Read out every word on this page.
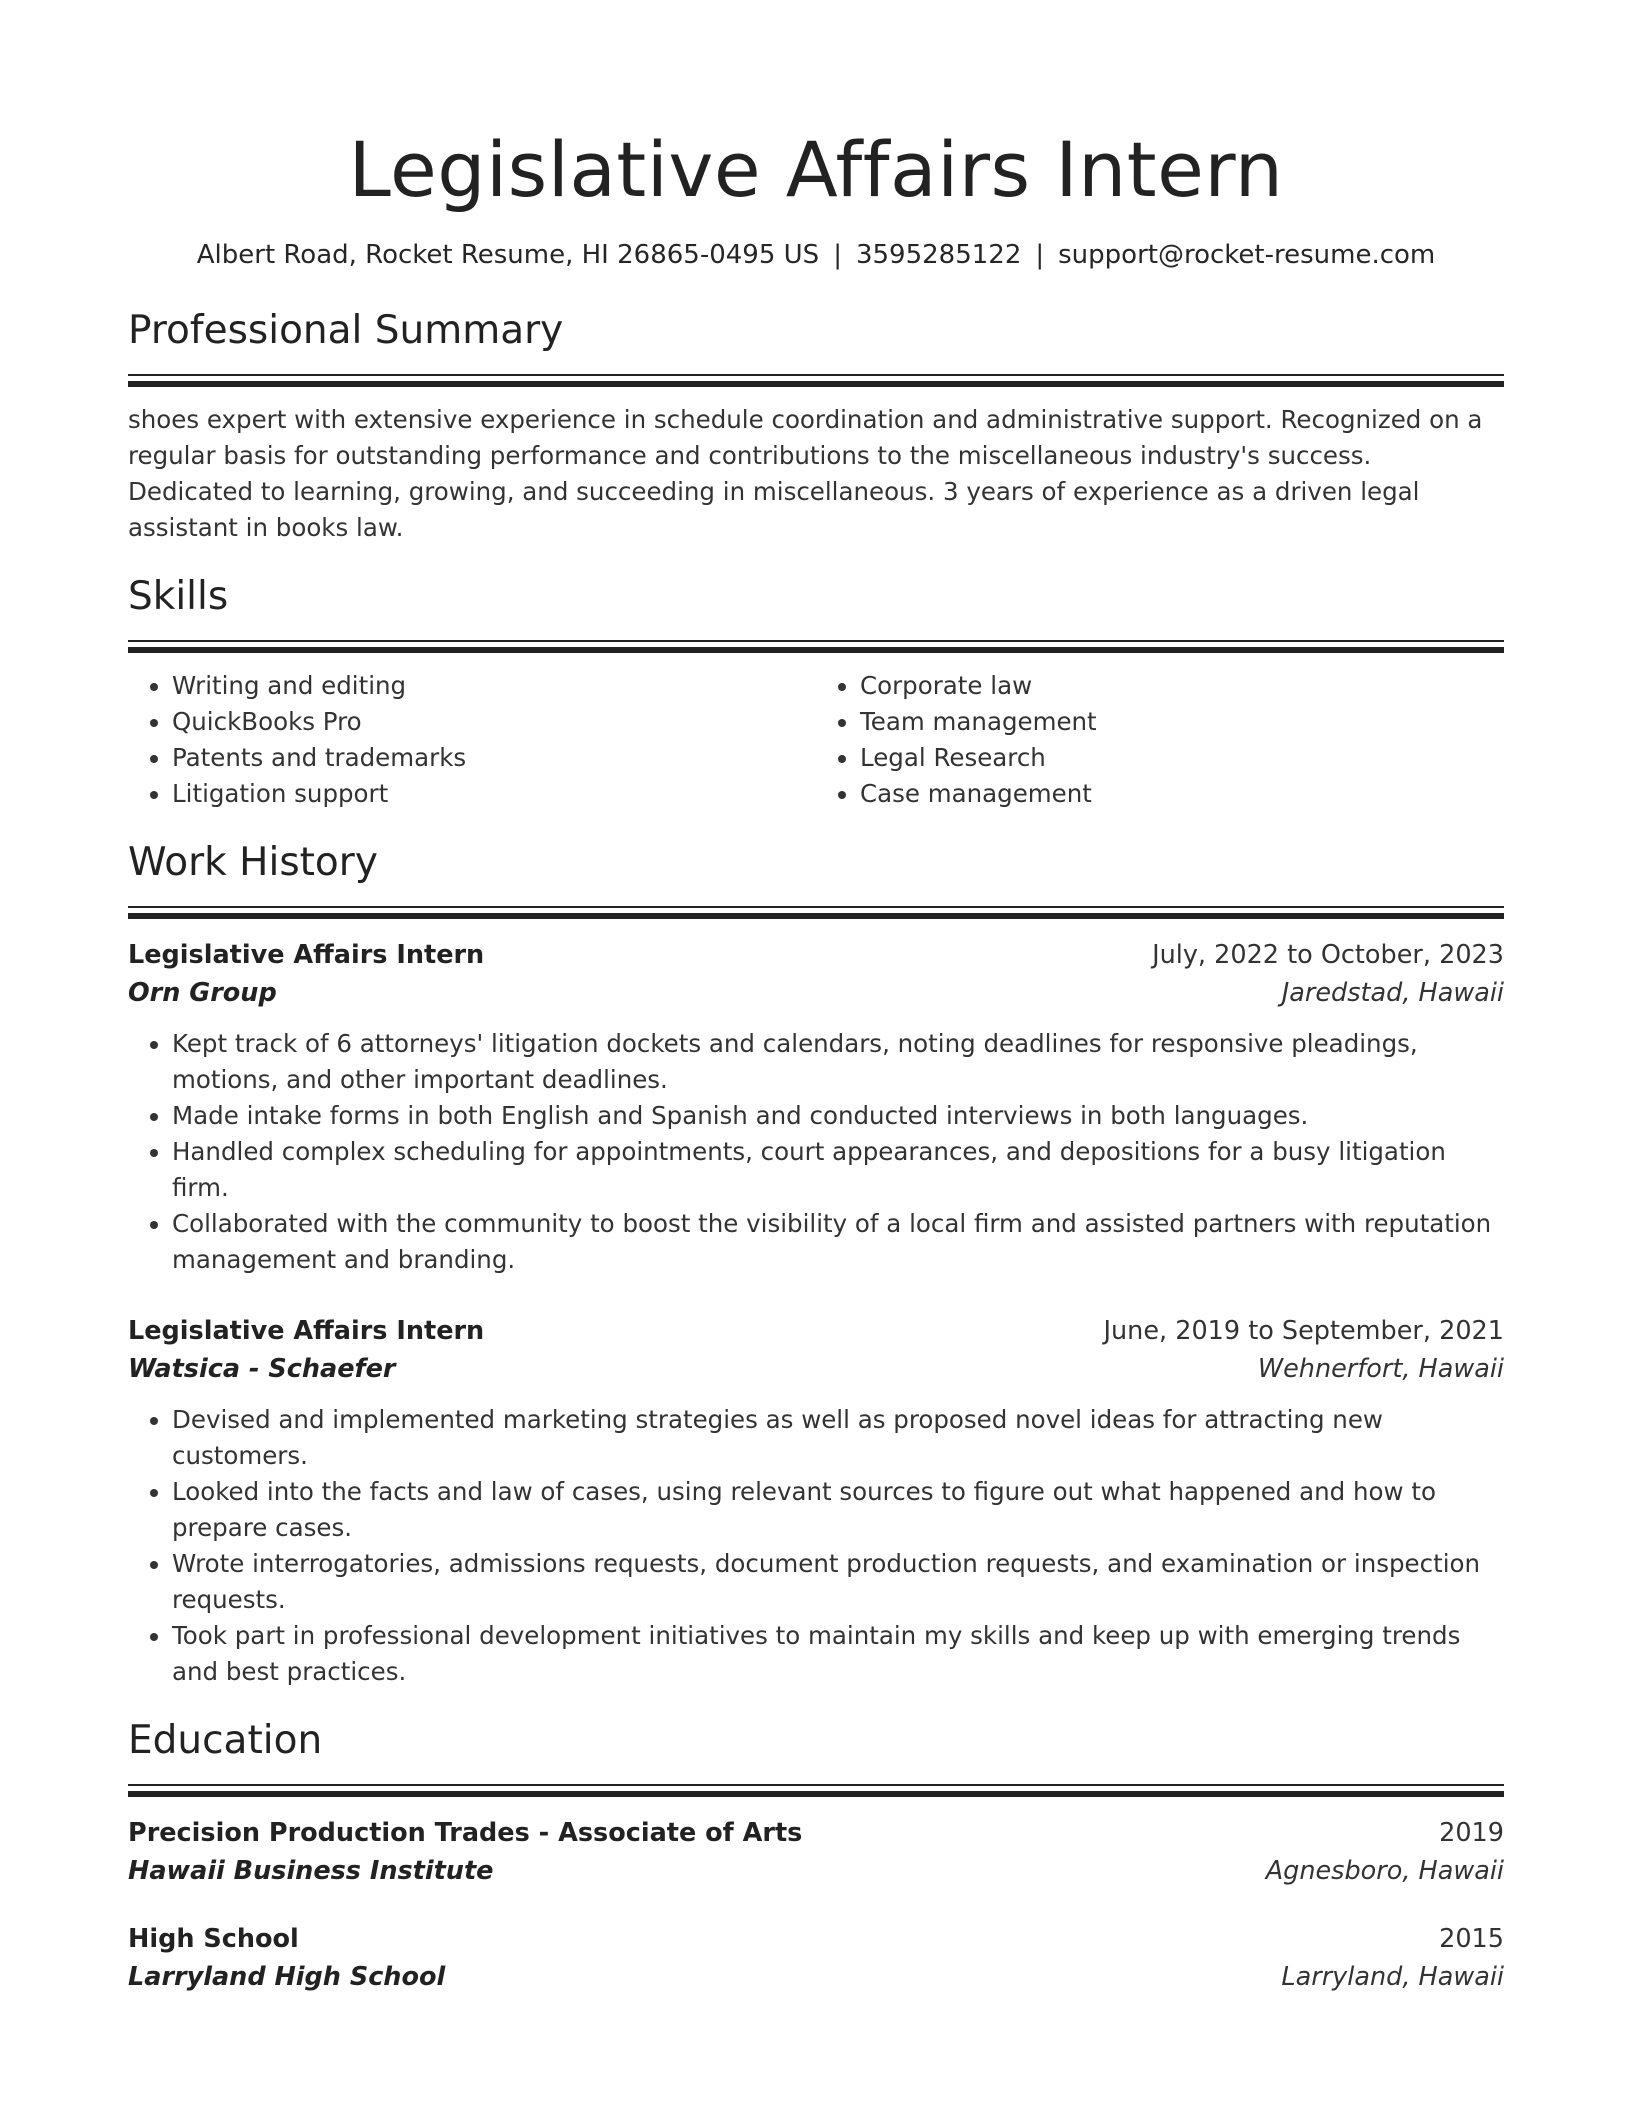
Legislative Affairs Intern
Albert Road, Rocket Resume, HI 26865-0495 US | 3595285122 | support@rocket-resume.com
Professional Summary

shoes expert with extensive experience in schedule coordination and administrative support. Recognized on a regular basis for outstanding performance and contributions to the miscellaneous industry's success. Dedicated to learning, growing, and succeeding in miscellaneous. 3 years of experience as a driven legal assistant in books law.

Skills
• Writing and editing
• QuickBooks Pro
• Patents and trademarks
• Litigation support
• Corporate law
• Team management
• Legal Research
• Case management
Work History
Legislative Affairs Intern	July, 2022 to October, 2023
Orn Group	Jaredstad, Hawaii
• Kept track of 6 attorneys' litigation dockets and calendars, noting deadlines for responsive pleadings, motions, and other important deadlines.
• Made intake forms in both English and Spanish and conducted interviews in both languages.
• Handled complex scheduling for appointments, court appearances, and depositions for a busy litigation firm.
• Collaborated with the community to boost the visibility of a local firm and assisted partners with reputation management and branding.
Legislative Affairs Intern	June, 2019 to September, 2021
Watsica - Schaefer	Wehnerfort, Hawaii
• Devised and implemented marketing strategies as well as proposed novel ideas for attracting new customers.
• Looked into the facts and law of cases, using relevant sources to figure out what happened and how to prepare cases.
• Wrote interrogatories, admissions requests, document production requests, and examination or inspection requests.
• Took part in professional development initiatives to maintain my skills and keep up with emerging trends and best practices.
Education
Precision Production Trades - Associate of Arts	2019
Hawaii Business Institute	Agnesboro, Hawaii
High School	2015
Larryland High School	Larryland, Hawaii
